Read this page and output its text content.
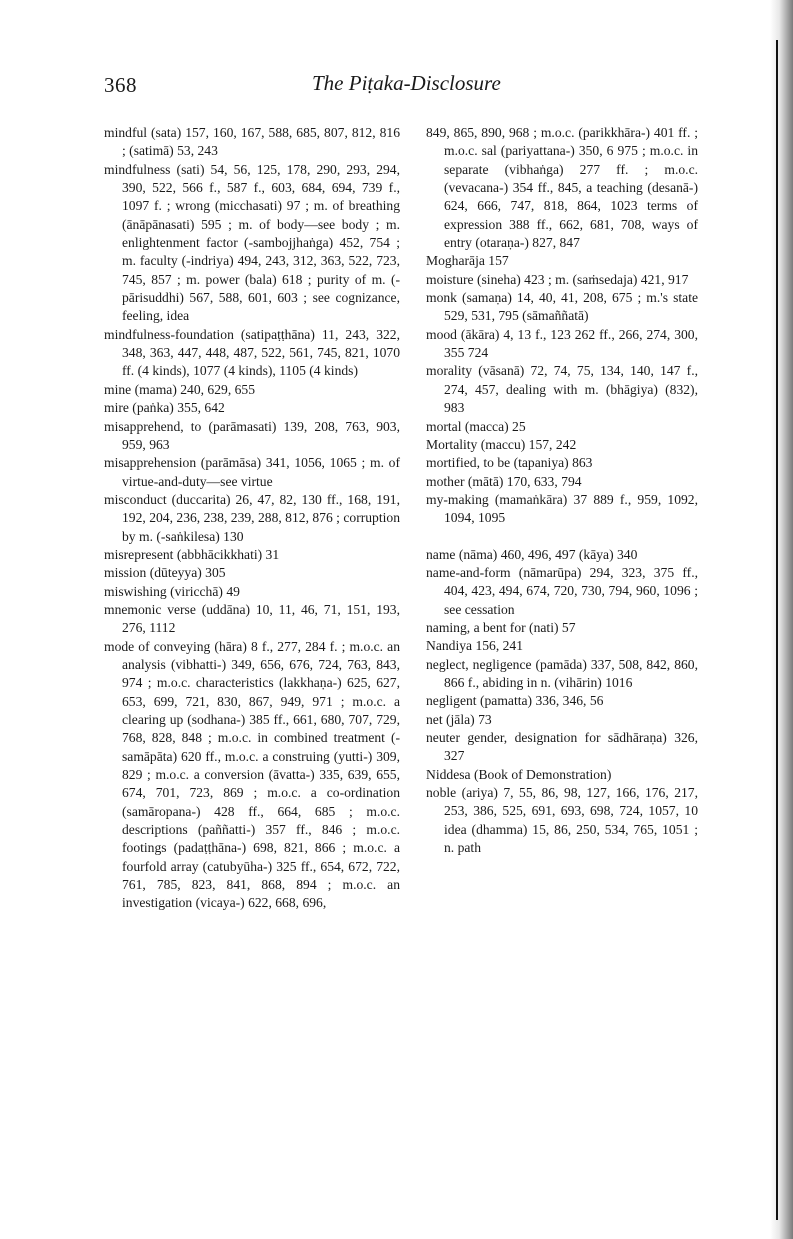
368	The Piṭaka-Disclosure

mindful (sata) 157, 160, 167, 588, 685, 807, 812, 816 ; (satimā) 53, 243

mindfulness (sati) 54, 56, 125, 178, 290, 293, 294, 390, 522, 566 f., 587 f., 603, 684, 694, 739 f., 1097 f. ; wrong (micchasati) 97 ; m. of breathing (ānāpānasati) 595 ; m. of body—see body ; m. enlightenment factor (-sambojjhaṅga) 452, 754 ; m. faculty (-indriya) 494, 243, 312, 363, 522, 723, 745, 857 ; m. power (bala) 618 ; purity of m. (-pārisuddhi) 567, 588, 601, 603 ; see cognizance, feeling, idea

mindfulness-foundation (satipaṭṭhāna) 11, 243, 322, 348, 363, 447, 448, 487, 522, 561, 745, 821, 1070 ff. (4 kinds), 1077 (4 kinds), 1105 (4 kinds)

mine (mama) 240, 629, 655

mire (paṅka) 355, 642

misapprehend, to (parāmasati) 139, 208, 763, 903, 959, 963

misapprehension (parāmāsa) 341, 1056, 1065 ; m. of virtue-and-duty—see virtue

misconduct (duccarita) 26, 47, 82, 130 ff., 168, 191, 192, 204, 236, 238, 239, 288, 812, 876 ; corruption by m. (-saṅkilesa) 130

misrepresent (abbhācikkhati) 31

mission (dūteyya) 305

miswishing (viricchā) 49

mnemonic verse (uddāna) 10, 11, 46, 71, 151, 193, 276, 1112

mode of conveying (hāra) 8 f., 277, 284 f. ; m.o.c. an analysis (vibhatti-) 349, 656, 676, 724, 763, 843, 974 ; m.o.c. characteristics (lakkhaṇa-) 625, 627, 653, 699, 721, 830, 867, 949, 971 ; m.o.c. a clearing up (sodhana-) 385 ff., 661, 680, 707, 729, 768, 828, 848 ; m.o.c. in combined treatment (-samāpāta) 620 ff., m.o.c. a construing (yutti-) 309, 829 ; m.o.c. a conversion (āvatta-) 335, 639, 655, 674, 701, 723, 869 ; m.o.c. a co-ordination (samāropana-) 428 ff., 664, 685 ; m.o.c. descriptions (paññatti-) 357 ff., 846 ; m.o.c. footings (padaṭṭhāna-) 698, 821, 866 ; m.o.c. a fourfold array (catubyūha-) 325 ff., 654, 672, 722, 761, 785, 823, 841, 868, 894 ; m.o.c. an investigation (vicaya-) 622, 668, 696,

849, 865, 890, 968 ; m.o.c. (parikkhāra-) 401 ff. ; m.o.c. sal (pariyattana-) 350, 6 975 ; m.o.c. in separate (vibhaṅga) 277 ff. ; m.o.c. (vevacana-) 354 ff., 845, a teaching (desanā-) 624, 666, 747, 818, 864, 1023 terms of expression 388 ff., 662, 681, 708, ways of entry (otaraṇa-) 827, 847

Mogharāja 157

moisture (sineha) 423 ; m. (saṁsedaja) 421, 917

monk (samaṇa) 14, 40, 41, 208, 675 ; m.'s state 529, 531, 795 (sāmaññatā)

mood (ākāra) 4, 13 f., 123 262 ff., 266, 274, 300, 355 724

morality (vāsanā) 72, 74, 75, 134, 140, 147 f., 274, 457, dealing with m. (bhāgiya) (832), 983

mortal (macca) 25

Mortality (maccu) 157, 242

mortified, to be (tapaniya) 863

mother (mātā) 170, 633, 794

my-making (mamaṅkāra) 37 889 f., 959, 1092, 1094, 1095

name (nāma) 460, 496, 497 (kāya) 340

name-and-form (nāmarūpa) 294, 323, 375 ff., 404, 423, 494, 674, 720, 730, 794, 960, 1096 ; see cessation

naming, a bent for (nati) 57

Nandiya 156, 241

neglect, negligence (pamāda) 337, 508, 842, 860, 866 f., abiding in n. (vihārin) 1016

negligent (pamatta) 336, 346, 56

net (jāla) 73

neuter gender, designation for sādhāraṇa) 326, 327

Niddesa (Book of Demonstration)

noble (ariya) 7, 55, 86, 98, 127, 166, 176, 217, 253, 386, 525, 691, 693, 698, 724, 1057, 10 idea (dhamma) 15, 86, 250, 534, 765, 1051 ; n. path
